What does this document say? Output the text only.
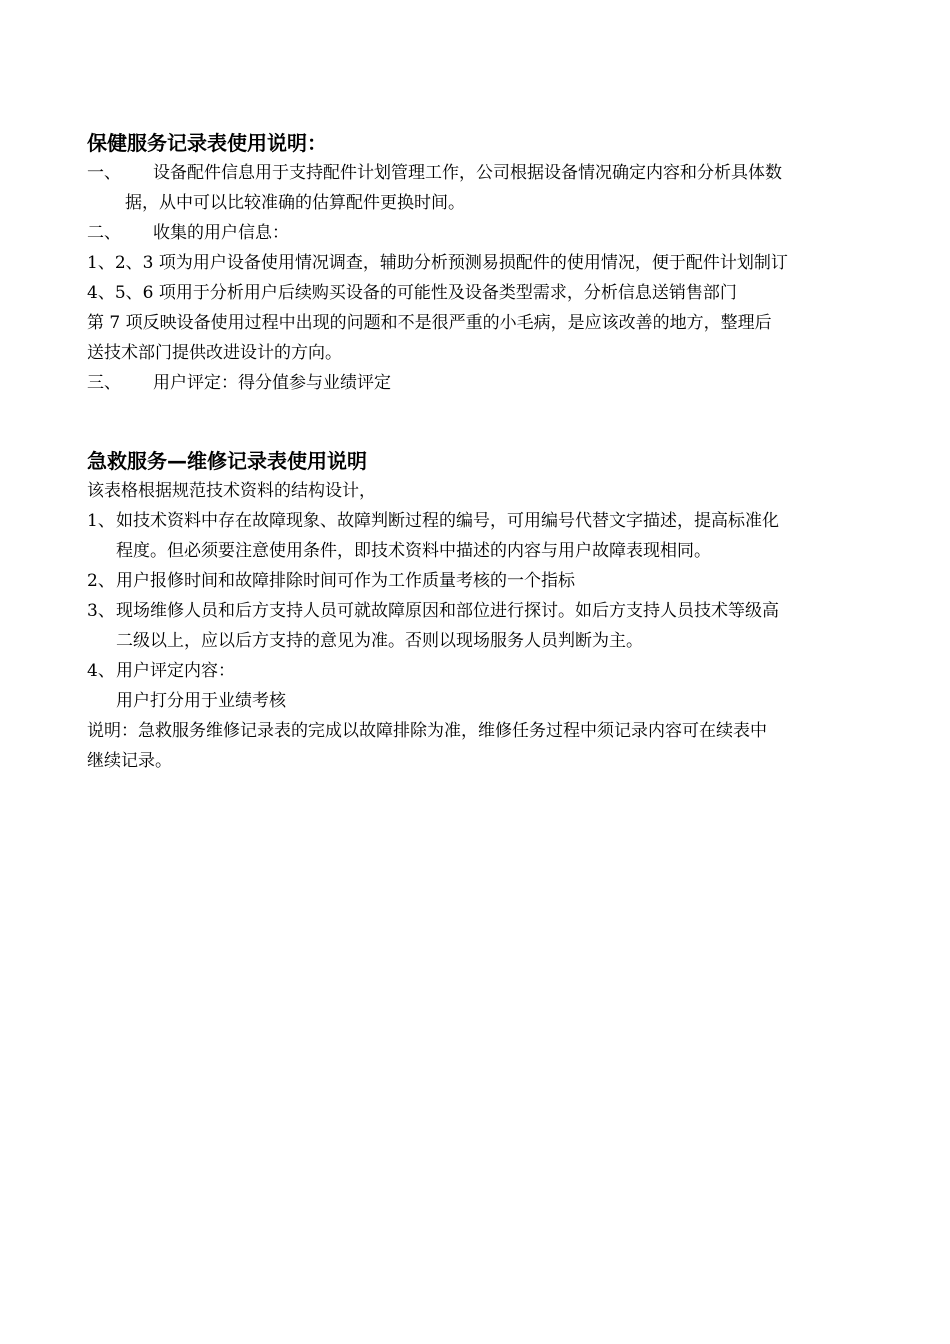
保健服务记录表使用说明：
一、	设备配件信息用于支持配件计划管理工作，公司根据设备情况确定内容和分析具体数

据，从中可以比较准确的估算配件更换时间。

二、	收集的用户信息：

1、2、3 项为用户设备使用情况调查，辅助分析预测易损配件的使用情况，便于配件计划制订

4、5、6 项用于分析用户后续购买设备的可能性及设备类型需求，分析信息送销售部门

第 7 项反映设备使用过程中出现的问题和不是很严重的小毛病，是应该改善的地方，整理后

送技术部门提供改进设计的方向。

三、	用户评定：得分值参与业绩评定
急救服务—维修记录表使用说明

该表格根据规范技术资料的结构设计，

1、 如技术资料中存在故障现象、故障判断过程的编号，可用编号代替文字描述，提高标准化

程度。但必须要注意使用条件，即技术资料中描述的内容与用户故障表现相同。

2、 用户报修时间和故障排除时间可作为工作质量考核的一个指标
3、 现场维修人员和后方支持人员可就故障原因和部位进行探讨。如后方支持人员技术等级高

二级以上，应以后方支持的意见为准。否则以现场服务人员判断为主。

4、 用户评定内容：

用户打分用于业绩考核

说明：急救服务维修记录表的完成以故障排除为准，维修任务过程中须记录内容可在续表中

继续记录。
